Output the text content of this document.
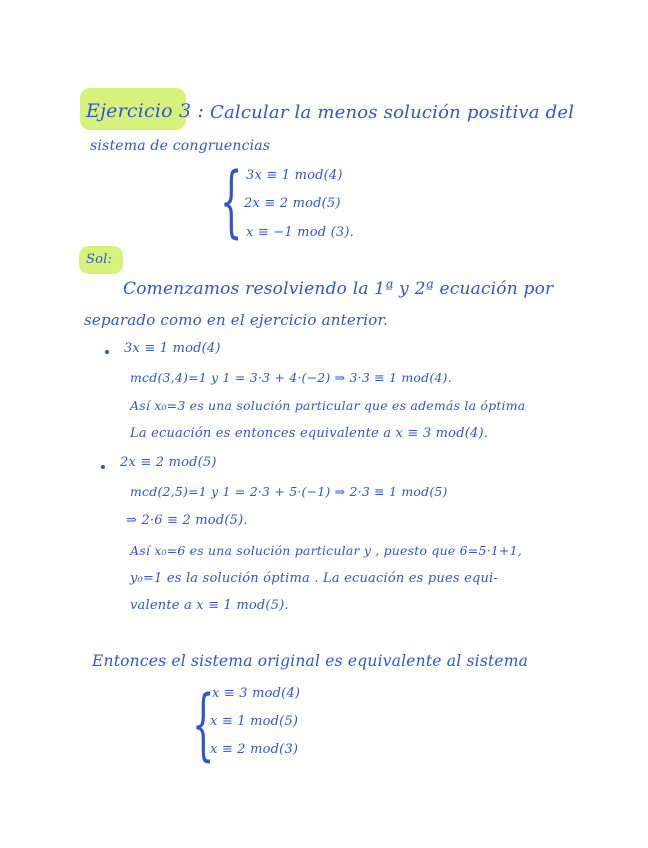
Ejercicio 3 : Calcular la menos solución positiva del
sistema de congruencias
{ 3x ≡ 1 mod(4)
2x ≡ 2 mod(5)
x ≡ −1 mod (3).
Sol:
Comenzamos resolviendo la 1ª y 2ª ecuación por
separado como en el ejercicio anterior.
3x ≡ 1 mod(4)
mcd(3,4)=1 y 1 = 3·3 + 4·(−2) ⇒ 3·3 ≡ 1 mod(4).
Así x₀=3 es una solución particular que es además la óptima
La ecuación es entonces equivalente a x ≡ 3 mod(4).
2x ≡ 2 mod(5)
mcd(2,5)=1 y 1 = 2·3 + 5·(−1) ⇒ 2·3 ≡ 1 mod(5)
⇒ 2·6 ≡ 2 mod(5).
Así x₀=6 es una solución particular y , puesto que 6=5·1+1,
y₀=1 es la solución óptima . La ecuación es pues equi-
valente a x ≡ 1 mod(5).
Entonces el sistema original es equivalente al sistema
{
x ≡ 3 mod(4)
x ≡ 1 mod(5)
x ≡ 2 mod(3)
